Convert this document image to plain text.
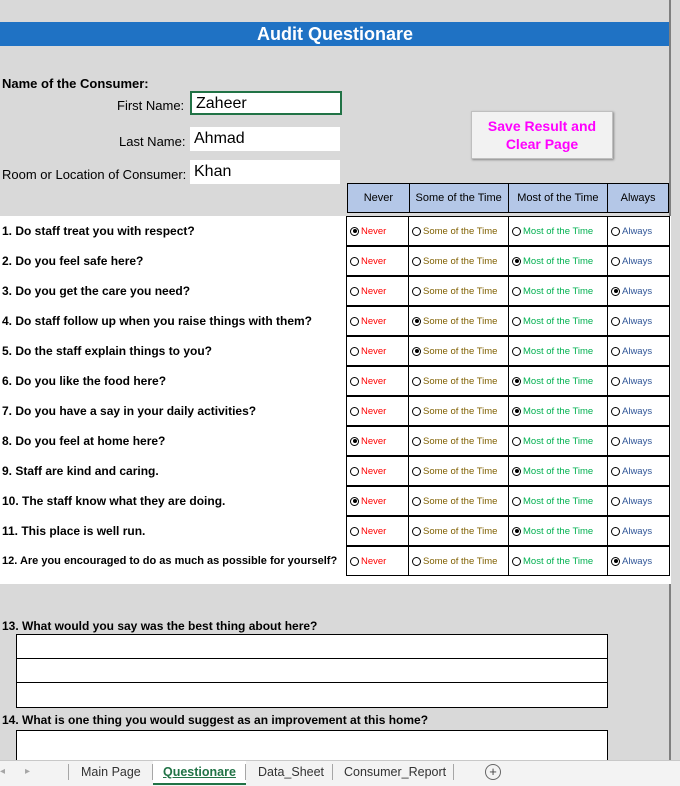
Audit Questionare
Name of the Consumer:
First Name: Zaheer
Last Name: Ahmad
Room or Location of Consumer: Khan
Save Result and
Clear Page
Never	Some of the Time	Most of the Time	Always
1. Do staff treat you with respect?	Never	Some of the Time	Most of the Time	Always
2. Do you feel safe here?	Never	Some of the Time	Most of the Time	Always
3. Do you get the care you need?	Never	Some of the Time	Most of the Time	Always
4. Do staff follow up when you raise things with them?	Never	Some of the Time	Most of the Time	Always
5. Do the staff explain things to you?	Never	Some of the Time	Most of the Time	Always
6. Do you like the food here?	Never	Some of the Time	Most of the Time	Always
7. Do you have a say in your daily activities?	Never	Some of the Time	Most of the Time	Always
8. Do you feel at home here?	Never	Some of the Time	Most of the Time	Always
9. Staff are kind and caring.	Never	Some of the Time	Most of the Time	Always
10. The staff know what they are doing.	Never	Some of the Time	Most of the Time	Always
11. This place is well run.	Never	Some of the Time	Most of the Time	Always
12. Are you encouraged to do as much as possible for yourself?	Never	Some of the Time	Most of the Time	Always
13. What would you say was the best thing about here?
14. What is one thing you would suggest as an improvement at this home?
◂ ▸	Main Page	Questionare	Data_Sheet	Consumer_Report	+
